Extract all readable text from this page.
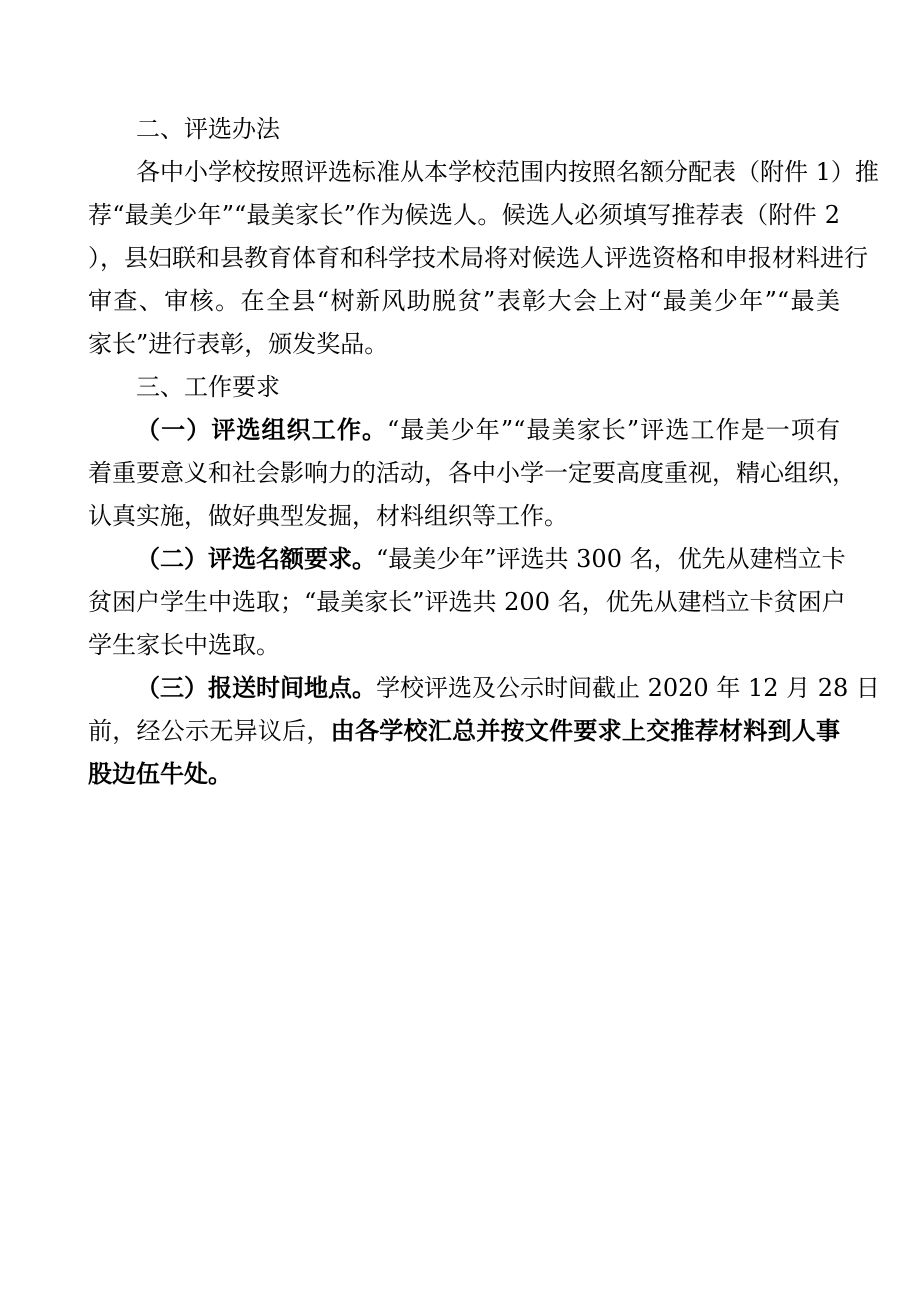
二、评选办法
各中小学校按照评选标准从本学校范围内按照名额分配表（附件 1）推
荐“最美少年”“最美家长”作为候选人。候选人必须填写推荐表（附件 2
），县妇联和县教育体育和科学技术局将对候选人评选资格和申报材料进行
审查、审核。在全县“树新风助脱贫”表彰大会上对“最美少年”“最美
家长”进行表彰，颁发奖品。
三、工作要求
（一）评选组织工作。“最美少年”“最美家长”评选工作是一项有
着重要意义和社会影响力的活动，各中小学一定要高度重视，精心组织，
认真实施，做好典型发掘，材料组织等工作。
（二）评选名额要求。“最美少年”评选共 300 名，优先从建档立卡
贫困户学生中选取；“最美家长”评选共 200 名，优先从建档立卡贫困户
学生家长中选取。
（三）报送时间地点。学校评选及公示时间截止 2020 年 12 月 28 日
前，经公示无异议后，由各学校汇总并按文件要求上交推荐材料到人事
股边伍牛处。
